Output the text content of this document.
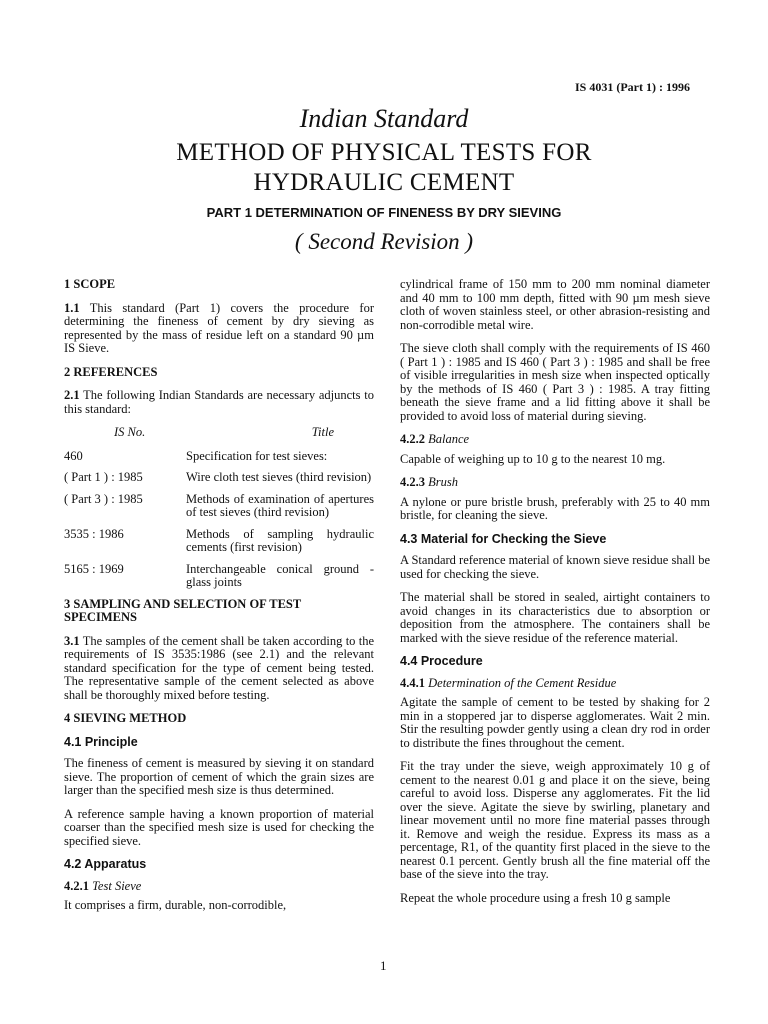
IS 4031 (Part 1) : 1996
Indian Standard
METHOD OF PHYSICAL TESTS FOR
HYDRAULIC CEMENT
PART 1 DETERMINATION OF FINENESS BY DRY SIEVING
( Second Revision )
1 SCOPE

1.1 This standard (Part 1) covers the procedure for determining the fineness of cement by dry sieving as represented by the mass of residue left on a standard 90 µm IS Sieve.

2 REFERENCES

2.1 The following Indian Standards are necessary adjuncts to this standard:

IS No.	Title
460	Specification for test sieves:
( Part 1 ) : 1985	Wire cloth test sieves (third revision)
( Part 3 ) : 1985	Methods of examination of apertures of test sieves (third revision)
3535 : 1986	Methods of sampling hydraulic cements (first revision)
5165 : 1969	Interchangeable conical ground - glass joints
3 SAMPLING AND SELECTION OF TEST SPECIMENS

3.1 The samples of the cement shall be taken according to the requirements of IS 3535:1986 (see 2.1) and the relevant standard specification for the type of cement being tested. The representative sample of the cement selected as above shall be thoroughly mixed before testing.

4 SIEVING METHOD
4.1 Principle

The fineness of cement is measured by sieving it on standard sieve. The proportion of cement of which the grain sizes are larger than the specified mesh size is thus determined.

A reference sample having a known proportion of material coarser than the specified mesh size is used for checking the specified sieve.

4.2 Apparatus
4.2.1 Test Sieve

It comprises a firm, durable, non-corrodible,

cylindrical frame of 150 mm to 200 mm nominal diameter and 40 mm to 100 mm depth, fitted with 90 µm mesh sieve cloth of woven stainless steel, or other abrasion-resisting and non-corrodible metal wire.

The sieve cloth shall comply with the requirements of IS 460 ( Part 1 ) : 1985 and IS 460 ( Part 3 ) : 1985 and shall be free of visible irregularities in mesh size when inspected optically by the methods of IS 460 ( Part 3 ) : 1985. A tray fitting beneath the sieve frame and a lid fitting above it shall be provided to avoid loss of material during sieving.

4.2.2 Balance

Capable of weighing up to 10 g to the nearest 10 mg.

4.2.3 Brush

A nylone or pure bristle brush, preferably with 25 to 40 mm bristle, for cleaning the sieve.

4.3 Material for Checking the Sieve

A Standard reference material of known sieve residue shall be used for checking the sieve.

The material shall be stored in sealed, airtight containers to avoid changes in its characteristics due to absorption or deposition from the atmosphere. The containers shall be marked with the sieve residue of the reference material.

4.4 Procedure
4.4.1 Determination of the Cement Residue

Agitate the sample of cement to be tested by shaking for 2 min in a stoppered jar to disperse agglomerates. Wait 2 min. Stir the resulting powder gently using a clean dry rod in order to distribute the fines throughout the cement.

Fit the tray under the sieve, weigh approximately 10 g of cement to the nearest 0.01 g and place it on the sieve, being careful to avoid loss. Disperse any agglomerates. Fit the lid over the sieve. Agitate the sieve by swirling, planetary and linear movement until no more fine material passes through it. Remove and weigh the residue. Express its mass as a percentage, R1, of the quantity first placed in the sieve to the nearest 0.1 percent. Gently brush all the fine material off the base of the sieve into the tray.

Repeat the whole procedure using a fresh 10 g sample

1
